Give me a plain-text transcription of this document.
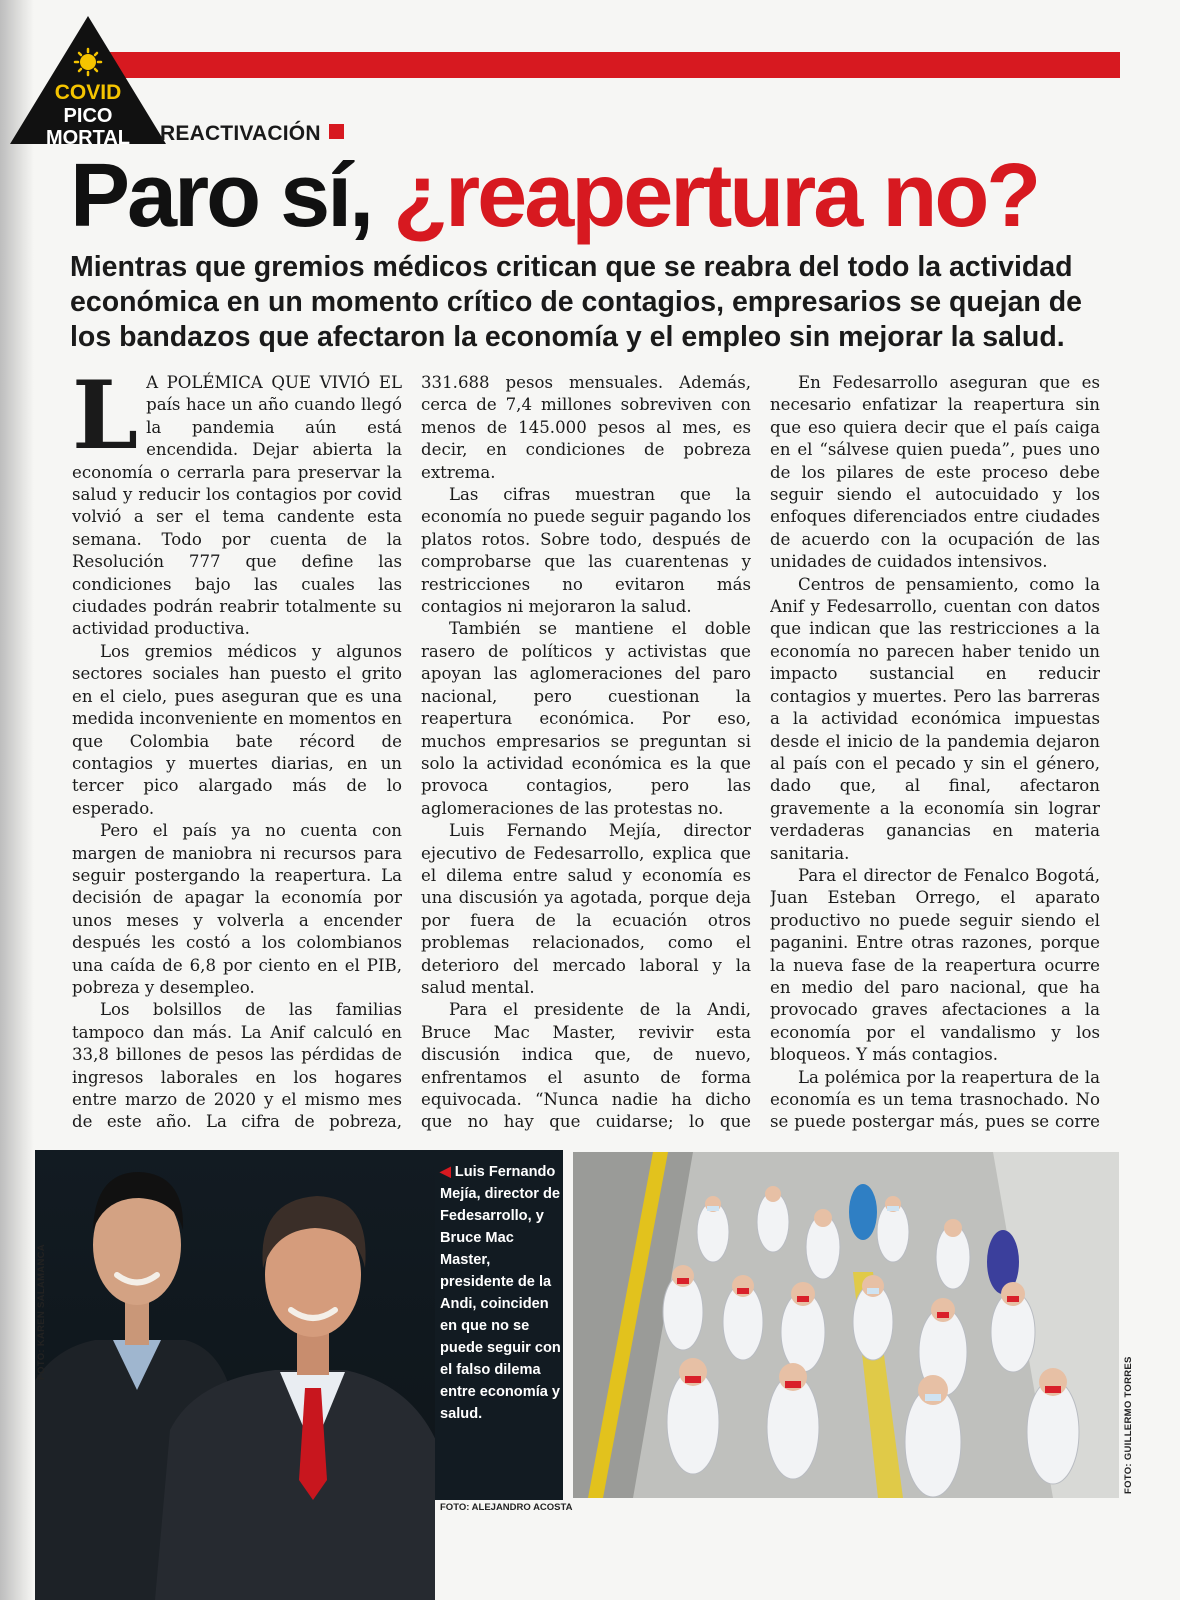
COVID
PICO
MORTAL	REACTIVACIÓN
Paro sí, ¿reapertura no?
Mientras que gremios médicos critican que se reabra del todo la actividad económica en un momento crítico de contagios, empresarios se quejan de los bandazos que afectaron la economía y el empleo sin mejorar la salud.

L A POLÉMICA QUE VIVIÓ EL país hace un año cuando llegó la pandemia aún está encendida. Dejar abierta la economía o cerrarla para preservar la salud y reducir los contagios por covid volvió a ser el tema candente esta semana. Todo por cuenta de la Resolución 777 que define las condiciones bajo las cuales las ciudades podrán reabrir totalmente su actividad productiva.

Los gremios médicos y algunos sectores sociales han puesto el grito en el cielo, pues aseguran que es una medida inconveniente en momentos en que Colombia bate récord de contagios y muertes diarias, en un tercer pico alargado más de lo esperado.

Pero el país ya no cuenta con margen de maniobra ni recursos para seguir postergando la reapertura. La decisión de apagar la economía por unos meses y volverla a encender después les costó a los colombianos una caída de 6,8 por ciento en el PIB, pobreza y desempleo.

Los bolsillos de las familias tampoco dan más. La Anif calculó en 33,8 billones de pesos las pérdidas de ingresos laborales en los hogares entre marzo de 2020 y el mismo mes de este año. La cifra de pobreza,

331.688 pesos mensuales. Además, cerca de 7,4 millones sobreviven con menos de 145.000 pesos al mes, es decir, en condiciones de pobreza extrema.

Las cifras muestran que la economía no puede seguir pagando los platos rotos. Sobre todo, después de comprobarse que las cuarentenas y restricciones no evitaron más contagios ni mejoraron la salud.

También se mantiene el doble rasero de políticos y activistas que apoyan las aglomeraciones del paro nacional, pero cuestionan la reapertura económica. Por eso, muchos empresarios se preguntan si solo la actividad económica es la que provoca contagios, pero las aglomeraciones de las protestas no.

Luis Fernando Mejía, director ejecutivo de Fedesarrollo, explica que el dilema entre salud y economía es una discusión ya agotada, porque deja por fuera de la ecuación otros problemas relacionados, como el deterioro del mercado laboral y la salud mental.

Para el presidente de la Andi, Bruce Mac Master, revivir esta discusión indica que, de nuevo, enfrentamos el asunto de forma equivocada. “Nunca nadie ha dicho que no hay que cuidarse; lo que

En Fedesarrollo aseguran que es necesario enfatizar la reapertura sin que eso quiera decir que el país caiga en el “sálvese quien pueda”, pues uno de los pilares de este proceso debe seguir siendo el autocuidado y los enfoques diferenciados entre ciudades de acuerdo con la ocupación de las unidades de cuidados intensivos.

Centros de pensamiento, como la Anif y Fedesarrollo, cuentan con datos que indican que las restricciones a la economía no parecen haber tenido un impacto sustancial en reducir contagios y muertes. Pero las barreras a la actividad económica impuestas desde el inicio de la pandemia dejaron al país con el pecado y sin el género, dado que, al final, afectaron gravemente a la economía sin lograr verdaderas ganancias en materia sanitaria.

Para el director de Fenalco Bogotá, Juan Esteban Orrego, el aparato productivo no puede seguir siendo el paganini. Entre otras razones, porque la nueva fase de la reapertura ocurre en medio del paro nacional, que ha provocado graves afectaciones a la economía por el vandalismo y los bloqueos. Y más contagios.

La polémica por la reapertura de la economía es un tema trasnochado. No se puede postergar más, pues se corre

◀ Luis Fernando Mejía, director de Fedesarrollo, y Bruce Mac Master, presidente de la Andi, coinciden en que no se puede seguir con el falso dilema entre economía y salud.
FOTO: KAREN SALAMANCA
FOTO: ALEJANDRO ACOSTA
FOTO: GUILLERMO TORRES
